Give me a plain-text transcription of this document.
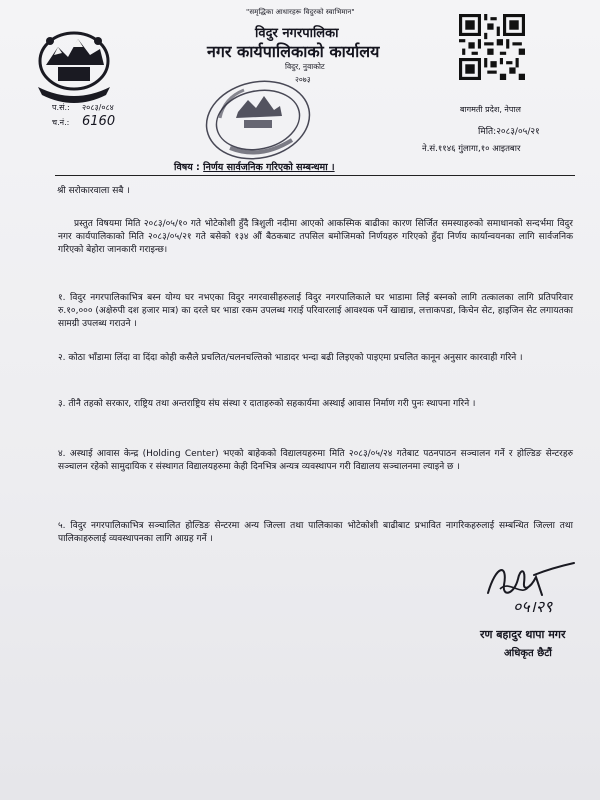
"समृद्धिका आधारहरू विदुरको स्वाभिमान"
विदुर नगरपालिका
नगर कार्यपालिकाको कार्यालय
विदुर, नुवाकोट
२०७३
बागमती प्रदेश, नेपाल
प.सं.: २०८३/०८४
च.नं.: 6160
मिति:२०८३/०५/२१
ने.सं.११४६ गुंलागा,१० आइतबार
विषय : निर्णय सार्वजनिक गरिएको सम्बन्धमा ।
श्री सरोकारवाला सबै ।
प्रस्तुत विषयमा मिति २०८३/०५/१० गते भोटेकोशी हुँदै त्रिशुली नदीमा आएको आकस्मिक बाढीका कारण सिर्जित समस्याहरुको समाधानको सन्दर्भमा विदुर नगर कार्यपालिकाको मिति २०८३/०५/२१ गते बसेको १३४ औं बैठकबाट तपसिल बमोजिमको निर्णयहरु गरिएको हुँदा निर्णय कार्यान्वयनका लागि सार्वजनिक गरिएको बेहोरा जानकारी गराइन्छ।
१. विदुर नगरपालिकाभित्र बस्न योग्य घर नभएका विदुर नगरवासीहरुलाई विदुर नगरपालिकाले घर भाडामा लिई बस्नको लागि तत्कालका लागि प्रतिपरिवार रु.१०,००० (अक्षेरुपी दश हजार मात्र) का दरले घर भाडा रकम उपलब्ध गराई परिवारलाई आवश्यक पर्ने खाद्यान्न, लत्ताकपडा, किचेन सेट, हाइजिन सेट लगायतका सामग्री उपलब्ध गराउने ।
२. कोठा भाँडामा लिंदा वा दिंदा कोही कसैले प्रचलित/चलनचल्तिको भाडादर भन्दा बढी लिइएको पाइएमा प्रचलित कानून अनुसार कारवाही गरिने ।
३. तीनै तहको सरकार, राष्ट्रिय तथा अन्तराष्ट्रिय संघ संस्था र दाताहरुको सहकार्यमा अस्थाई आवास निर्माण गरी पुनः स्थापना गरिने ।
४. अस्थाई आवास केन्द्र (Holding Center) भएको बाहेकको विद्यालयहरुमा मिति २०८३/०५/२४ गतेबाट पठनपाठन सञ्चालन गर्ने र होल्डिङ सेन्टरहरु सञ्चालन रहेको सामुदायिक र संस्थागत विद्यालयहरुमा केही दिनभित्र अन्यत्र व्यवस्थापन गरी विद्यालय सञ्चालनमा ल्याइने छ ।
५. विदुर नगरपालिकाभित्र सञ्चालित होल्डिङ सेन्टरमा अन्य जिल्ला तथा पालिकाका भोटेकोशी बाढीबाट प्रभावित नागरिकहरुलाई सम्बन्धित जिल्ला तथा पालिकाहरुलाई व्यवस्थापनका लागि आग्रह गर्ने ।
०५।२९
रण बहादुर थापा मगर
अधिकृत छैटौं
